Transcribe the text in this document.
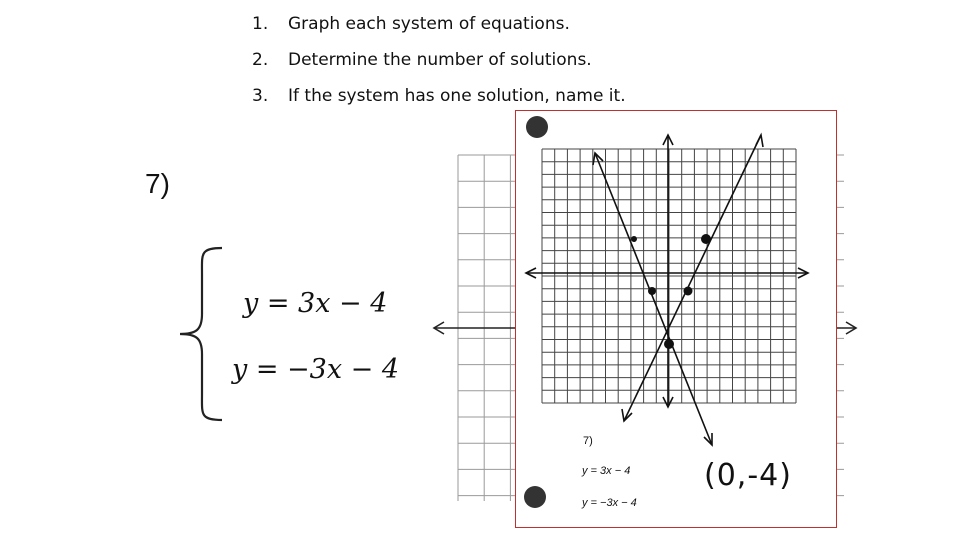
1.	Graph each system of equations.
2.	Determine the number of solutions.
3.	If the system has one solution, name it.
7)
y = 3x − 4
y = −3x − 4
7)
y = 3x − 4
y = −3x − 4
(0,-4)
